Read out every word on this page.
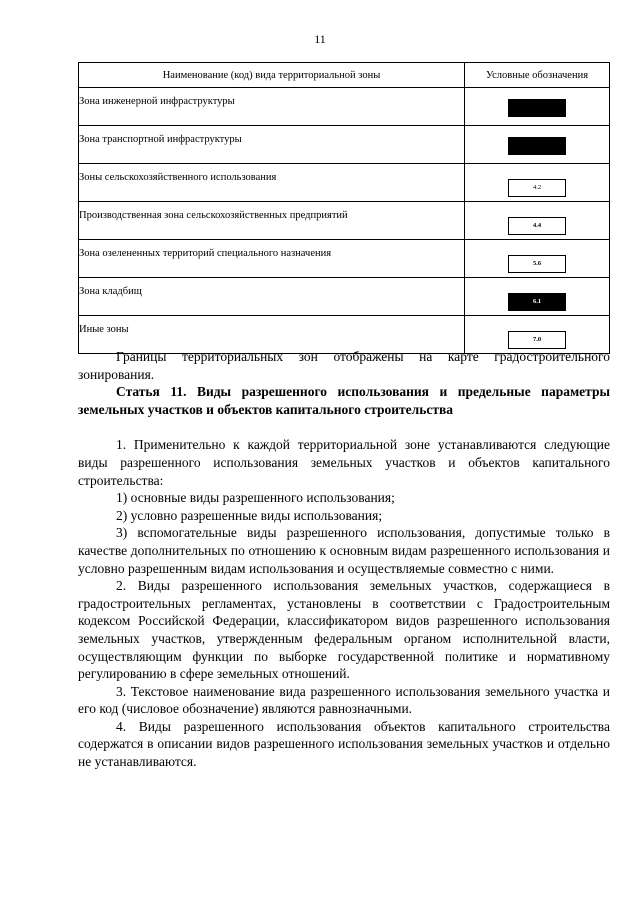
11
Наименование (код) вида территориальной зоны	Условные обозначения
Зона инженерной инфраструктуры	
Зона транспортной инфраструктуры	
Зоны сельскохозяйственного использования	4.2
Производственная зона сельскохозяйственных предприятий	4.4
Зона озелененных территорий специального назначения	5.6
Зона кладбищ	6.1
Иные зоны	7.0

Границы территориальных зон отображены на карте градостроительного зонирования.

Статья 11. Виды разрешенного использования и предельные параметры земельных участков и объектов капитального строительства

1. Применительно к каждой территориальной зоне устанавливаются следующие виды разрешенного использования земельных участков и объектов капитального строительства:

1) основные виды разрешенного использования;

2) условно разрешенные виды использования;

3) вспомогательные виды разрешенного использования, допустимые только в качестве дополнительных по отношению к основным видам разрешенного использования и условно разрешенным видам использования и осуществляемые совместно с ними.

2. Виды разрешенного использования земельных участков, содержащиеся в градостроительных регламентах, установлены в соответствии с Градостроительным кодексом Российской Федерации, классификатором видов разрешенного использования земельных участков, утвержденным федеральным органом исполнительной власти, осуществляющим функции по выборке государственной политике и нормативному регулированию в сфере земельных отношений.

3. Текстовое наименование вида разрешенного использования земельного участка и его код (числовое обозначение) являются равнозначными.

4. Виды разрешенного использования объектов капитального строительства содержатся в описании видов разрешенного использования земельных участков и отдельно не устанавливаются.
